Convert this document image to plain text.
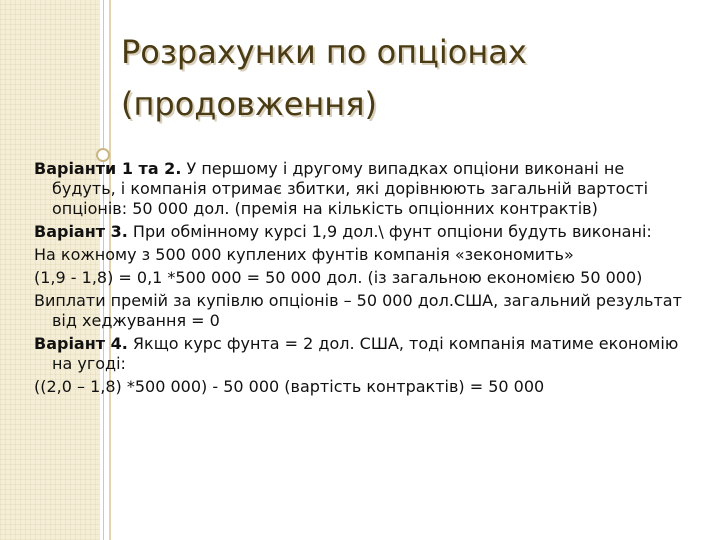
Розрахунки по опціонах
(продовження)
Варіанти 1 та 2. У першому і другому випадках опціони виконані не будуть, і компанія отримає збитки, які дорівнюють загальній вартості опціонів: 50 000 дол. (премія на кількість опціонних контрактів)
Варіант 3. При обмінному курсі 1,9 дол.\ фунт опціони будуть виконані:
На кожному з 500 000 куплених фунтів компанія «зекономить»
(1,9 - 1,8) = 0,1 *500 000 = 50 000 дол. (із загальною економією 50 000)
Виплати премій за купівлю опціонів – 50 000 дол.США, загальний результат від хеджування = 0
Варіант 4. Якщо курс фунта = 2 дол. США, тоді компанія матиме економію на угоді:
((2,0 – 1,8) *500 000) - 50 000 (вартість контрактів) = 50 000
